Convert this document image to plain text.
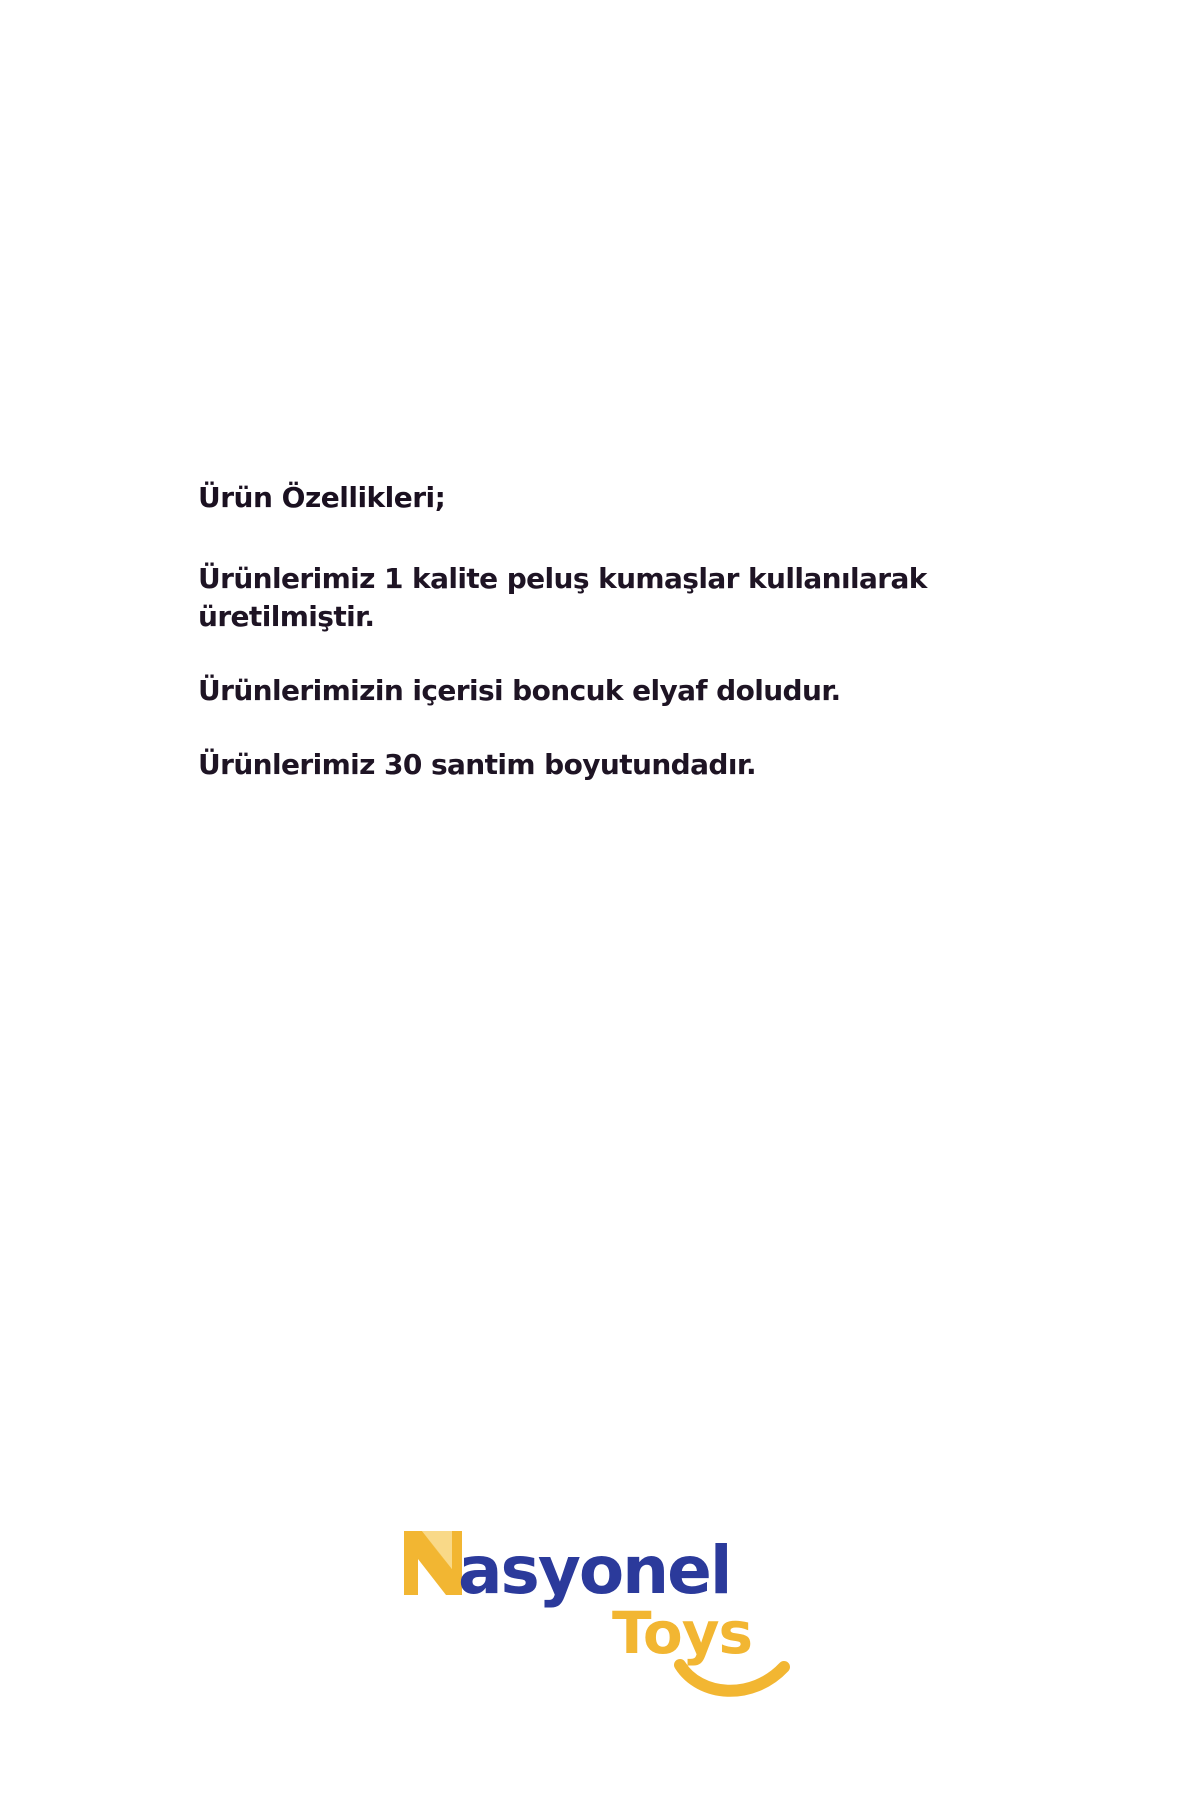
Ürün Özellikleri;
Ürünlerimiz 1 kalite peluş kumaşlar kullanılarak üretilmiştir.
Ürünlerimizin içerisi boncuk elyaf doludur.
Ürünlerimiz 30 santim boyutundadır.
asyonel
Toys
